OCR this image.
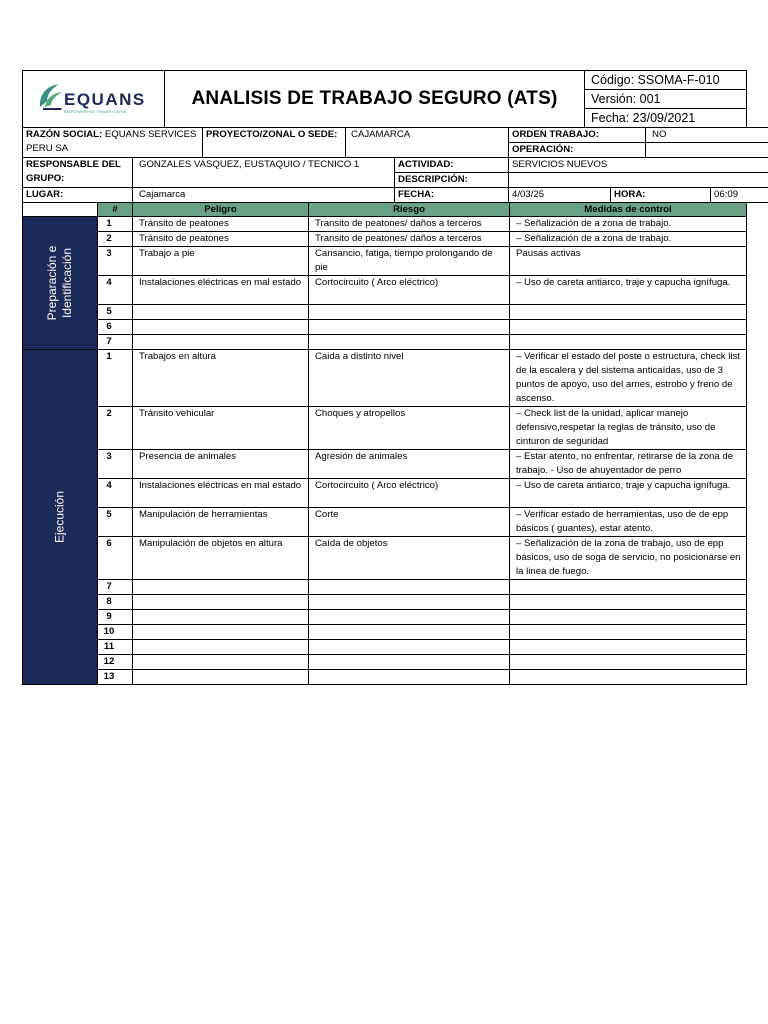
EQUANS
EMPOWERING TRANSITIONS
	ANALISIS DE TRABAJO SEGURO (ATS)	Código: SSOMA-F-010
Versión: 001
Fecha: 23/09/2021
RAZÓN SOCIAL: EQUANS SERVICES PERU SA		PROYECTO/ZONAL O SEDE:	CAJAMARCA		ORDEN TRABAJO:		NO	
					OPERACIÓN:			
RESPONSABLE DEL GRUPO:	GONZALES VASQUEZ, EUSTAQUIO / TECNICO 1			ACTIVIDAD:	SERVICIOS NUEVOS			
				DESCRIPCIÓN:				
LUGAR:	Cajamarca			FECHA:	4/03/25	HORA:		06:09
	#	Peligro	Riesgo	Medidas de control

Preparación e Identificación	1	Tránsito de peatones	Transito de peatones/ daños a terceros	– Señalización de a zona de trabajo.
	2	Tránsito de peatones	Transito de peatones/ daños a terceros	– Señalización de a zona de trabajo.
	3	Trabajo a pie	Cansancio, fatiga, tiempo prolongando de pie	Pausas activas
	4	Instalaciones eléctricas en mal estado	Cortocircuito ( Arco eléctrico)	– Uso de careta antiarco, traje y capucha ignífuga.
	5			
	6			
	7			

Ejecución	1	Trabajos en altura	Caida a distinto nivel	– Verificar el estado del poste o estructura, check list de la escalera y del sistema anticaídas, uso de 3 puntos de apoyo, uso del arnes, estrobo y freno de ascenso.
	2	Tránsito vehicular	Choques y atropellos	– Check list de la unidad, aplicar manejo defensivo,respetar la reglas de tránsito, uso de cinturon de seguridad
	3	Presencia de animales	Agresión de animales	– Estar atento, no enfrentar, retirarse de la zona de trabajo. - Uso de ahuyentador de perro
	4	Instalaciones eléctricas en mal estado	Cortocircuito ( Arco eléctrico)	– Uso de careta antiarco, traje y capucha ignífuga.
	5	Manipulación de herramientas	Corte	– Verificar estado de herramientas, uso de de epp básicos ( guantes), estar atento.
	6	Manipulación de objetos en altura	Caída de objetos	– Señalización de la zona de trabajo, uso de epp básicos, uso de soga de servicio, no posicionarse en la linea de fuego.
	7			
	8			
	9			
	10			
	11			
	12			
	13			
